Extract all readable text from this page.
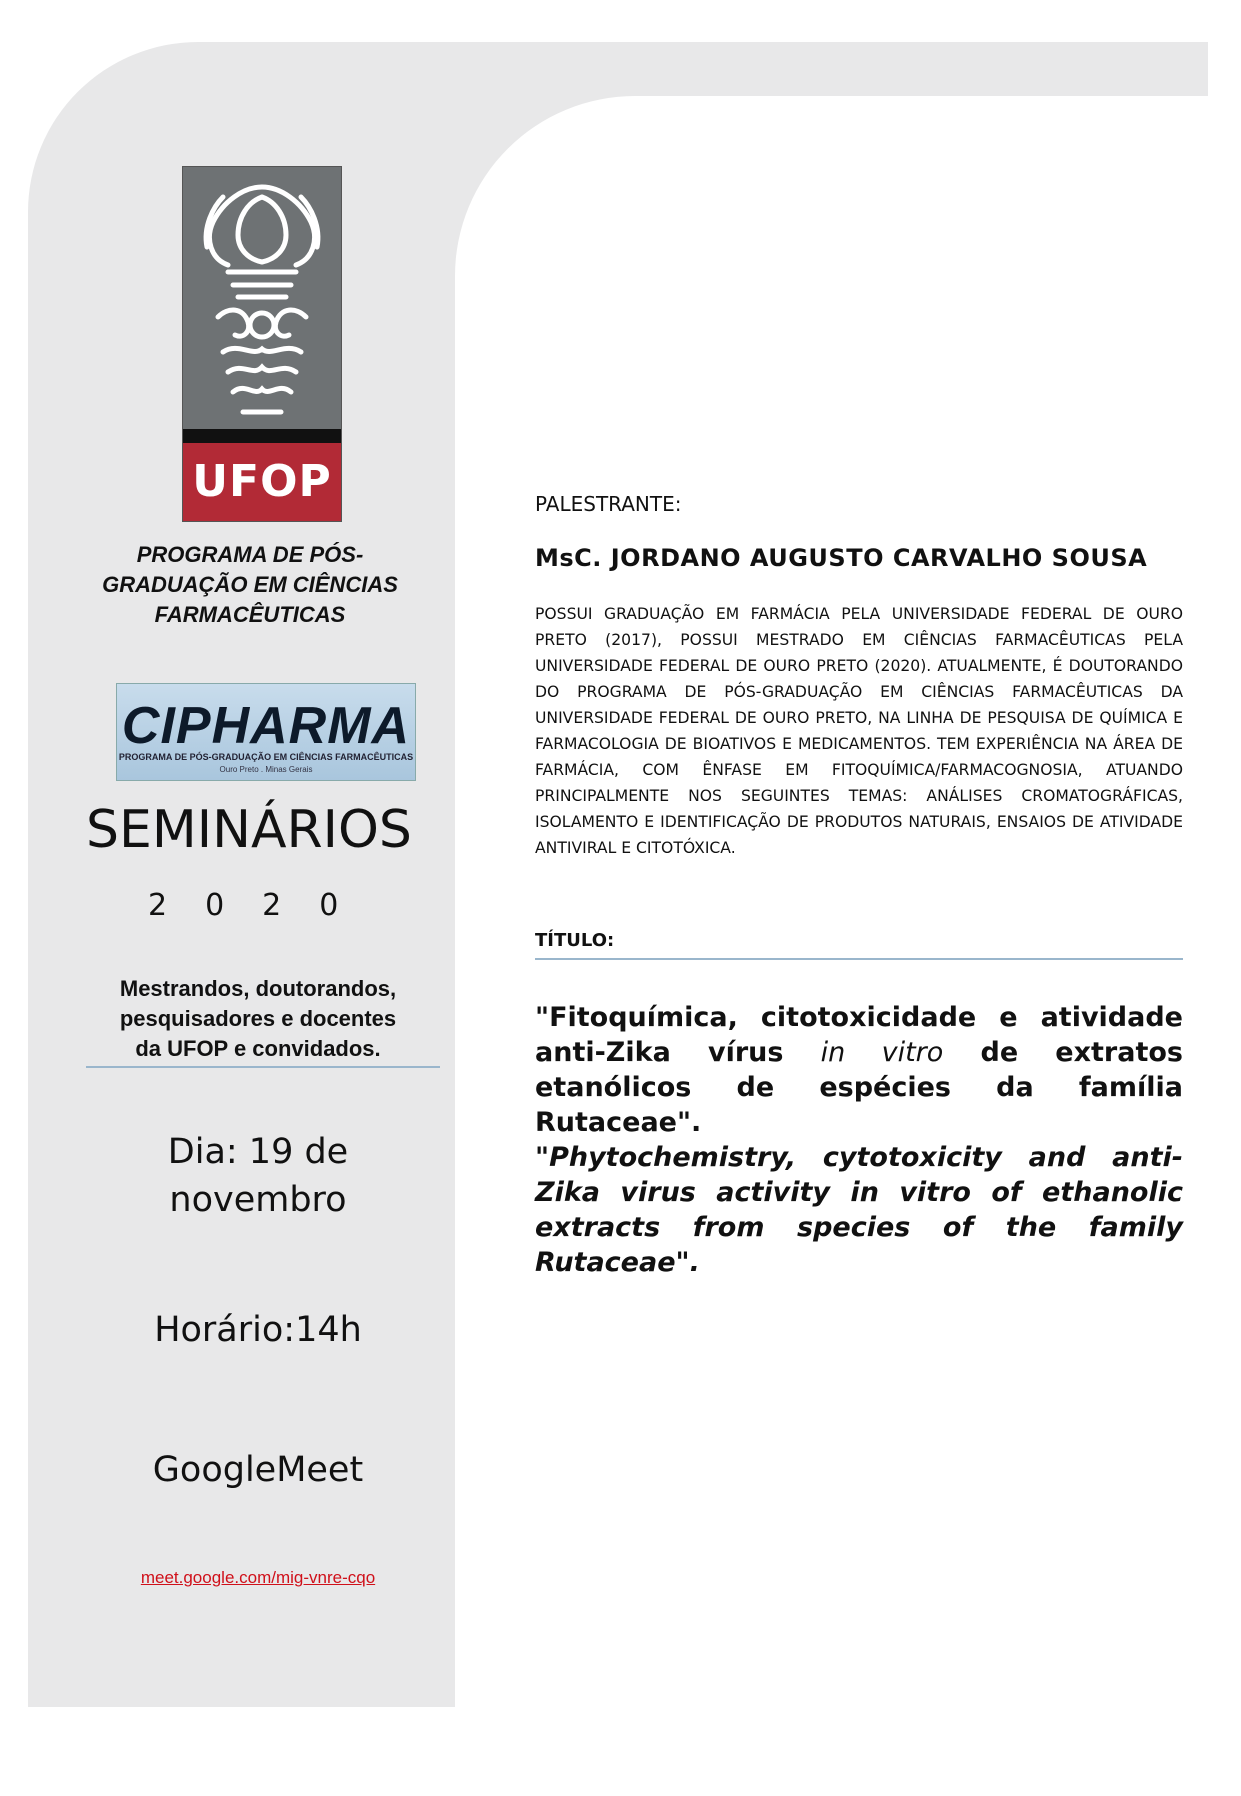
UFOP
PROGRAMA DE PÓS-
GRADUAÇÃO EM CIÊNCIAS
FARMACÊUTICAS
CIPHARMA
PROGRAMA DE PÓS-GRADUAÇÃO EM CIÊNCIAS FARMACÊUTICAS
Ouro Preto . Minas Gerais
SEMINÁRIOS
2020
Mestrandos, doutorandos,
pesquisadores e docentes
da UFOP e convidados.
Dia: 19 de
novembro
Horário:14h
GoogleMeet
meet.google.com/mig-vnre-cqo
PALESTRANTE:
MsC. JORDANO AUGUSTO CARVALHO SOUSA
POSSUI GRADUAÇÃO EM FARMÁCIA PELA UNIVERSIDADE FEDERAL DE OURO PRETO (2017), POSSUI MESTRADO EM CIÊNCIAS FARMACÊUTICAS PELA UNIVERSIDADE FEDERAL DE OURO PRETO (2020). ATUALMENTE, É DOUTORANDO DO PROGRAMA DE PÓS-GRADUAÇÃO EM CIÊNCIAS FARMACÊUTICAS DA UNIVERSIDADE FEDERAL DE OURO PRETO, NA LINHA DE PESQUISA DE QUÍMICA E FARMACOLOGIA DE BIOATIVOS E MEDICAMENTOS. TEM EXPERIÊNCIA NA ÁREA DE FARMÁCIA, COM ÊNFASE EM FITOQUÍMICA/FARMACOGNOSIA, ATUANDO PRINCIPALMENTE NOS SEGUINTES TEMAS: ANÁLISES CROMATOGRÁFICAS, ISOLAMENTO E IDENTIFICAÇÃO DE PRODUTOS NATURAIS, ENSAIOS DE ATIVIDADE ANTIVIRAL E CITOTÓXICA.
TÍTULO:
"Fitoquímica, citotoxicidade e atividade anti-Zika vírus in vitro de extratos etanólicos de espécies da família Rutaceae".
"Phytochemistry, cytotoxicity and anti-Zika virus activity in vitro of ethanolic extracts from species of the family Rutaceae".
